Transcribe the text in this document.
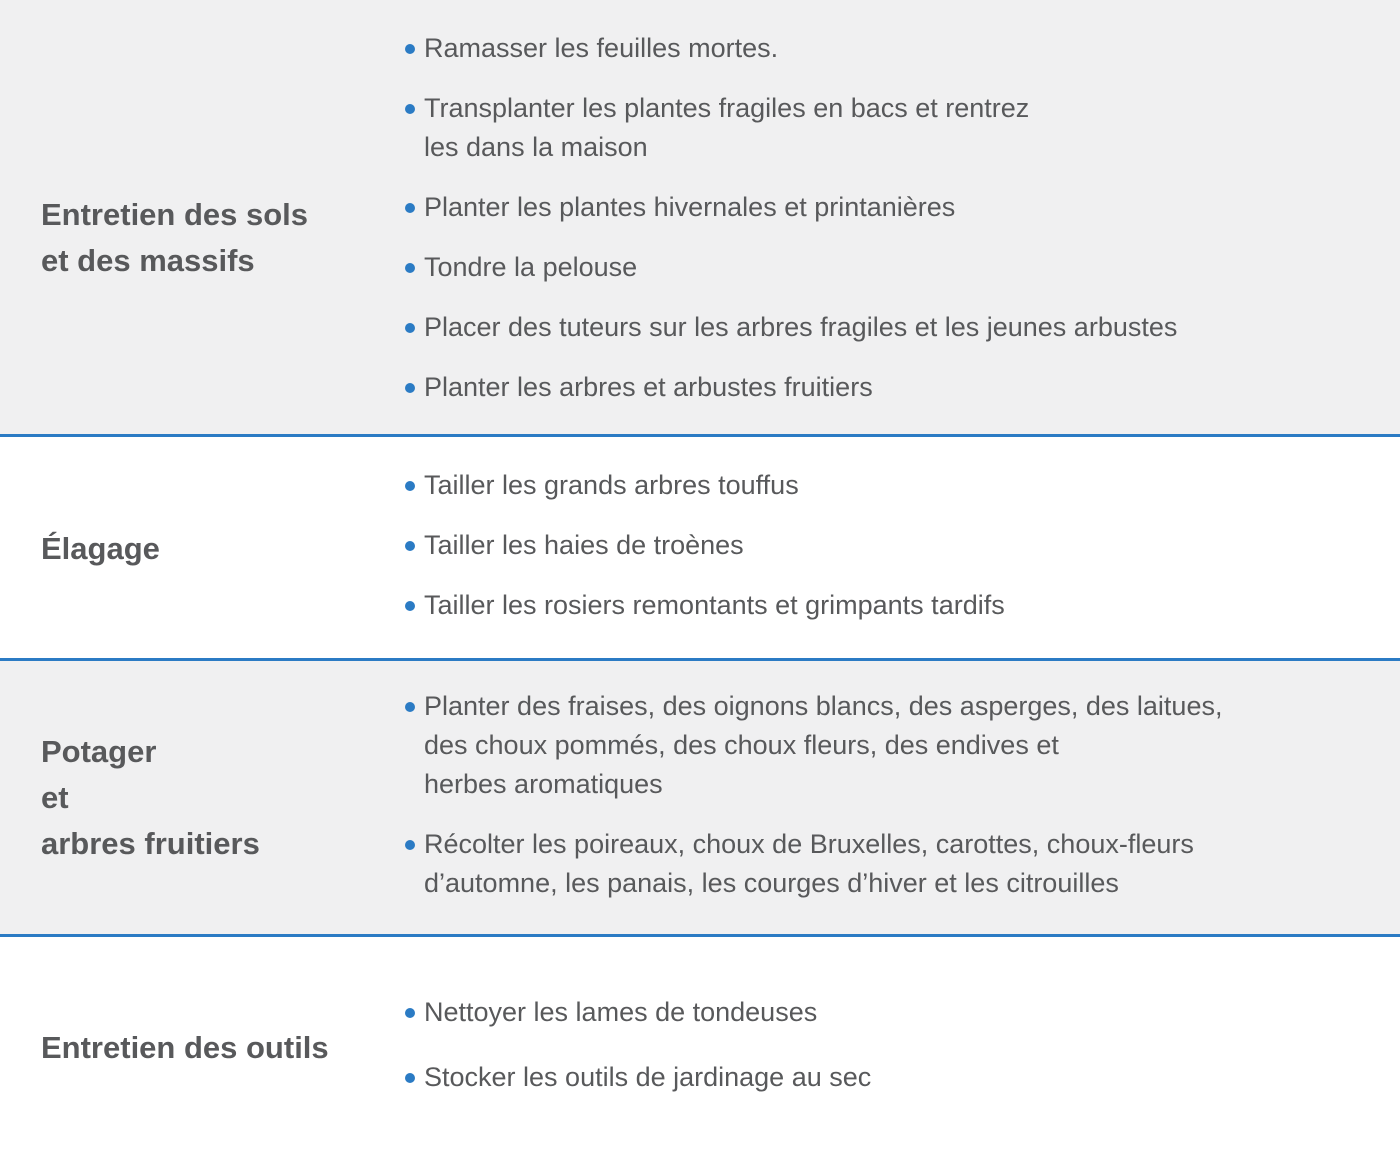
Entretien des sols
et des massifs
Ramasser les feuilles mortes.
Transplanter les plantes fragiles en bacs et rentrez
les dans la maison
Planter les plantes hivernales et printanières
Tondre la pelouse
Placer des tuteurs sur les arbres fragiles et les jeunes arbustes
Planter les arbres et arbustes fruitiers
Élagage
Tailler les grands arbres touffus
Tailler les haies de troènes
Tailler les rosiers remontants et grimpants tardifs
Potager
et
arbres fruitiers
Planter des fraises, des oignons blancs, des asperges, des laitues,
des choux pommés, des choux fleurs, des endives et
herbes aromatiques
Récolter les poireaux, choux de Bruxelles, carottes, choux-fleurs
d’automne, les panais, les courges d’hiver et les citrouilles
Entretien des outils
Nettoyer les lames de tondeuses
Stocker les outils de jardinage au sec
